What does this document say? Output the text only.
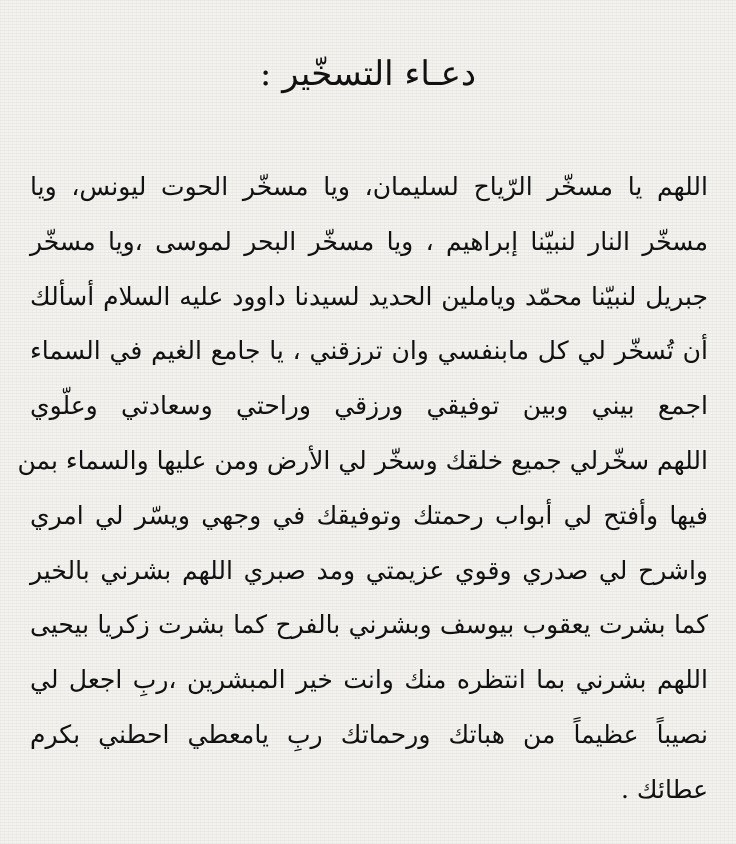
دعـاء التسخّير :
اللهم يا مسخّر الرّياح لسليمان، ويا مسخّر الحوت ليونس، ويا
مسخّر النار لنبيّنا إبراهيم ، ويا مسخّر البحر لموسى ،ويا مسخّر
جبريل لنبيّنا محمّد وياملين الحديد لسيدنا داوود عليه السلام أسألك
أن تُسخّر لي كل مابنفسي وان ترزقني ، يا جامع الغيم في السماء
اجمع بيني وبين توفيقي ورزقي وراحتي وسعادتي وعلّوي
اللهم سخّرلي جميع خلقك وسخّر لي الأرض ومن عليها والسماء بمن
فيها وأفتح لي أبواب رحمتك وتوفيقك في وجهي ويسّر لي امري
واشرح لي صدري وقوي عزيمتي ومد صبري اللهم بشرني بالخير
كما بشرت يعقوب بيوسف وبشرني بالفرح كما بشرت زكريا بيحيى
اللهم بشرني بما انتظره منك وانت خير المبشرين ،ربِ اجعل لي
نصيباً عظيماً من هباتك ورحماتك ربِ يامعطي احطني بكرم
عطائك .
